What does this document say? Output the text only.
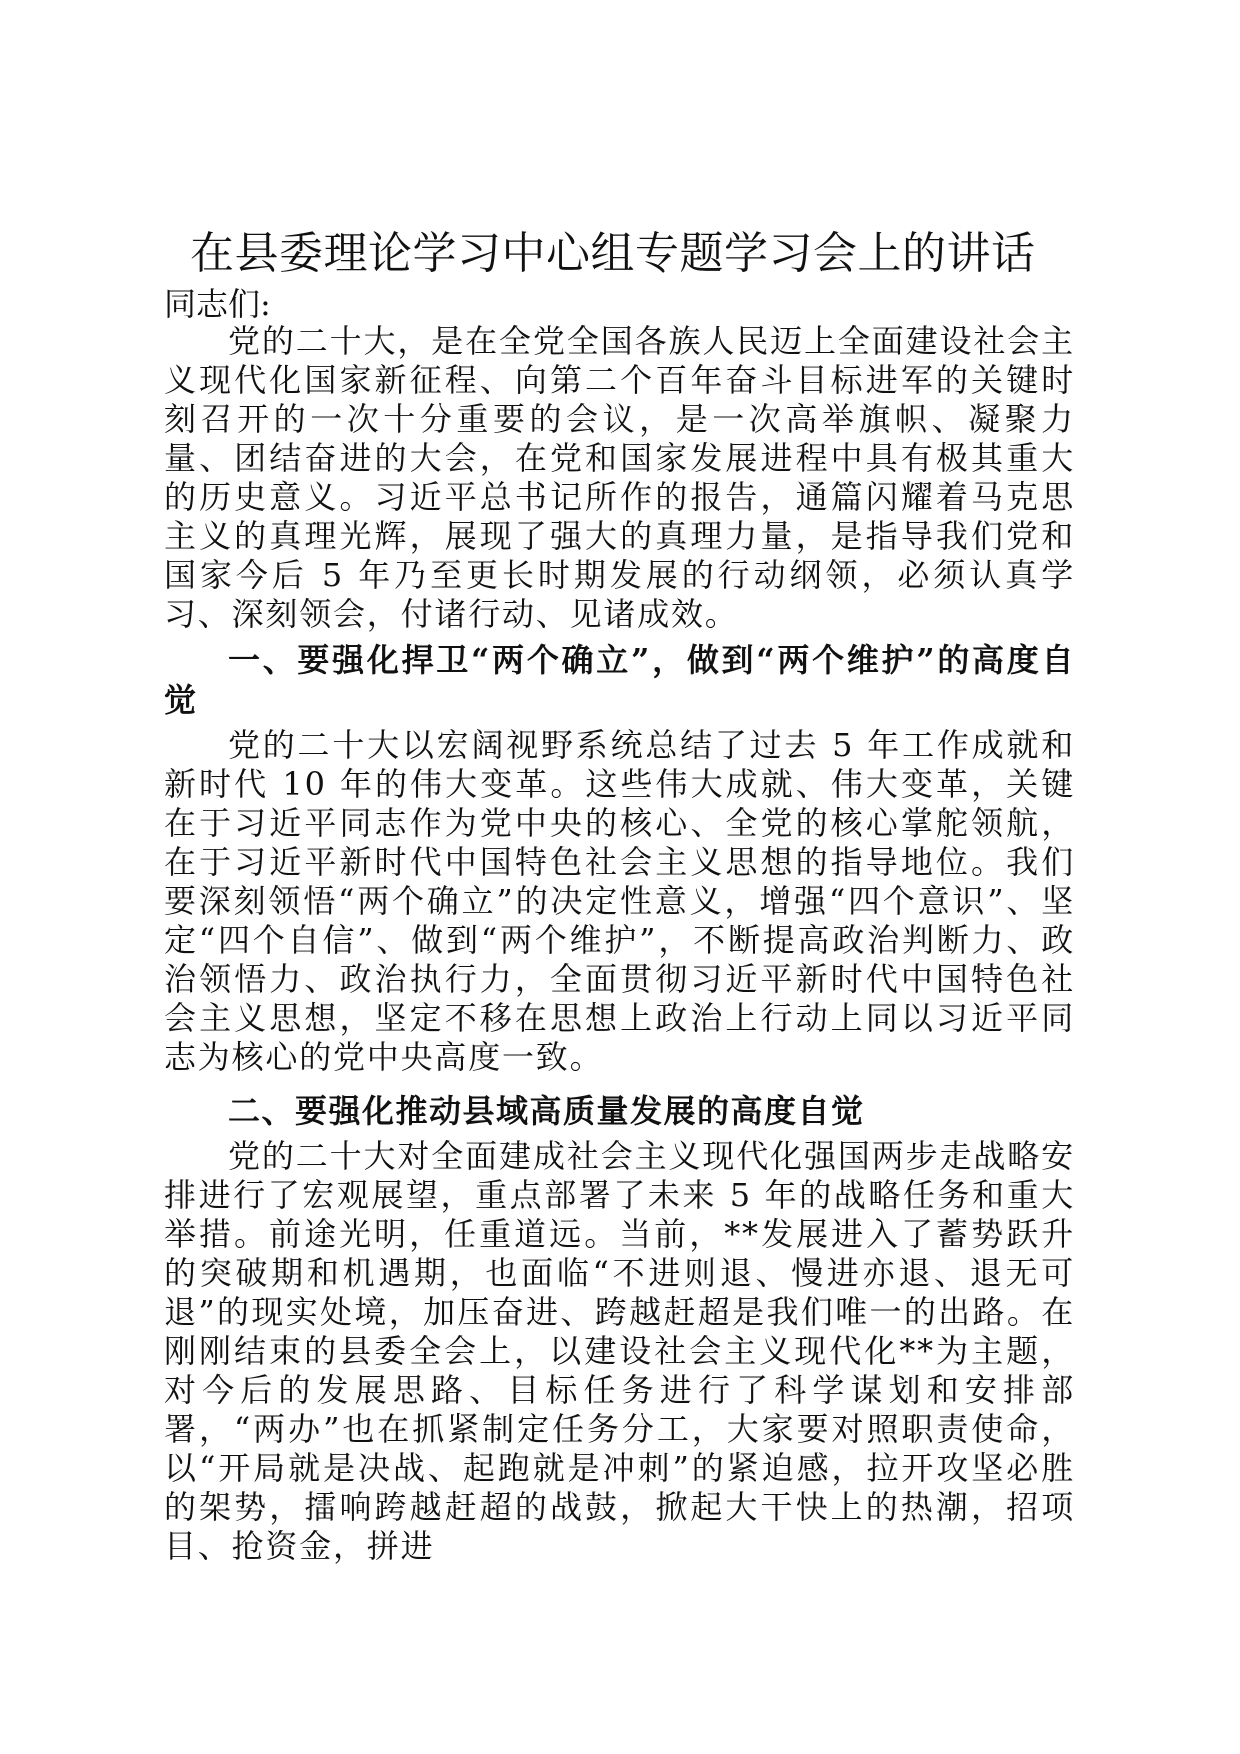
在县委理论学习中心组专题学习会上的讲话

同志们:

党的二十大，是在全党全国各族人民迈上全面建设社会主义现代化国家新征程、向第二个百年奋斗目标进军的关键时刻召开的一次十分重要的会议，是一次高举旗帜、凝聚力量、团结奋进的大会，在党和国家发展进程中具有极其重大的历史意义。习近平总书记所作的报告，通篇闪耀着马克思主义的真理光辉，展现了强大的真理力量，是指导我们党和国家今后 5 年乃至更长时期发展的行动纲领，必须认真学习、深刻领会，付诸行动、见诸成效。

一、要强化捍卫“两个确立”，做到“两个维护”的高度自觉

党的二十大以宏阔视野系统总结了过去 5 年工作成就和新时代 10 年的伟大变革。这些伟大成就、伟大变革，关键在于习近平同志作为党中央的核心、全党的核心掌舵领航，在于习近平新时代中国特色社会主义思想的指导地位。我们要深刻领悟“两个确立”的决定性意义，增强“四个意识”、坚定“四个自信”、做到“两个维护”，不断提高政治判断力、政治领悟力、政治执行力，全面贯彻习近平新时代中国特色社会主义思想，坚定不移在思想上政治上行动上同以习近平同志为核心的党中央高度一致。

二、要强化推动县域高质量发展的高度自觉

党的二十大对全面建成社会主义现代化强国两步走战略安排进行了宏观展望，重点部署了未来 5 年的战略任务和重大举措。前途光明，任重道远。当前，**发展进入了蓄势跃升的突破期和机遇期，也面临“不进则退、慢进亦退、退无可退”的现实处境，加压奋进、跨越赶超是我们唯一的出路。在刚刚结束的县委全会上，以建设社会主义现代化**为主题，对今后的发展思路、目标任务进行了科学谋划和安排部署，“两办”也在抓紧制定任务分工，大家要对照职责使命，以“开局就是决战、起跑就是冲刺”的紧迫感，拉开攻坚必胜的架势，擂响跨越赶超的战鼓，掀起大干快上的热潮，招项目、抢资金，拼进
